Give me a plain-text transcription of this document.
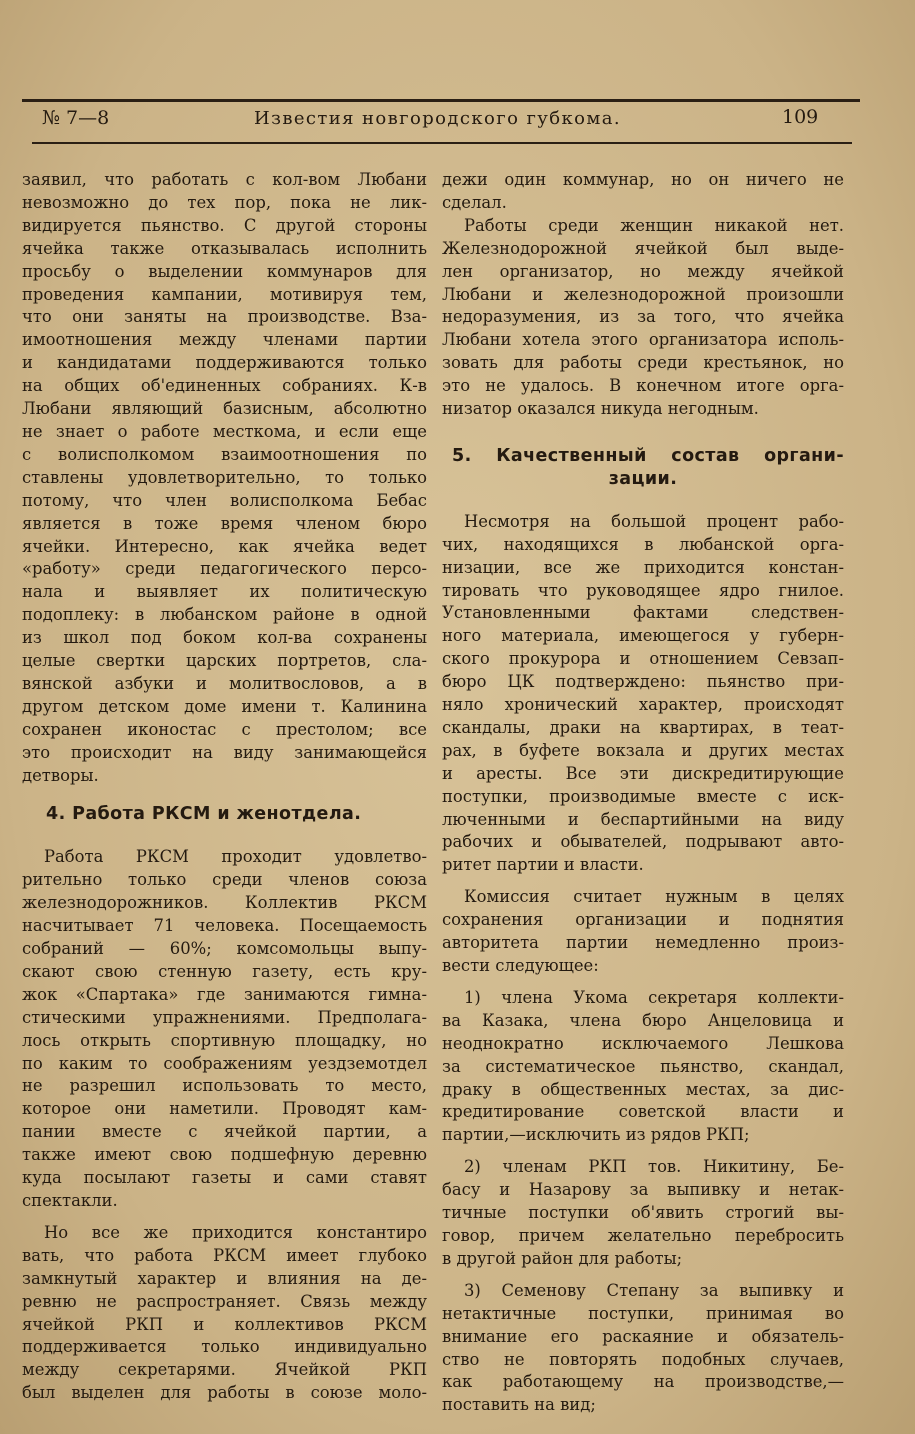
№ 7—8	Известия новгородского губкома.	109
заявил, что работать с кол-вом Любани
невозможно до тех пор, пока не лик-
видируется пьянство. С другой стороны
ячейка также отказывалась исполнить
просьбу о выделении коммунаров для
проведения кампании, мотивируя тем,
что они заняты на производстве. Вза-
имоотношения между членами партии
и кандидатами поддерживаются только
на общих об'единенных собраниях. К-в
Любани являющий базисным, абсолютно
не знает о работе месткома, и если еще
с волисполкомом взаимоотношения по
ставлены удовлетворительно, то только
потому, что член волисполкома Бебас
является в тоже время членом бюро
ячейки. Интересно, как ячейка ведет
«работу» среди педагогического персо-
нала и выявляет их политическую
подоплеку: в любанском районе в одной
из школ под боком кол-ва сохранены
целые свертки царских портретов, сла-
вянской азбуки и молитвословов, а в
другом детском доме имени т. Калинина
сохранен иконостас с престолом; все
это происходит на виду занимающейся
детворы.
4. Работа РКСМ и женотдела.
Работа РКСМ проходит удовлетво-
рительно только среди членов союза
железнодорожников. Коллектив РКСМ
насчитывает 71 человека. Посещаемость
собраний — 60%; комсомольцы выпу-
скают свою стенную газету, есть кру-
жок «Спартака» где занимаются гимна-
стическими упражнениями. Предполага-
лось открыть спортивную площадку, но
по каким то соображениям уездземотдел
не разрешил использовать то место,
которое они наметили. Проводят кам-
пании вместе с ячейкой партии, а
также имеют свою подшефную деревню
куда посылают газеты и сами ставят
спектакли.
Но все же приходится константиро
вать, что работа РКСМ имеет глубоко
замкнутый характер и влияния на де-
ревню не распространяет. Связь между
ячейкой РКП и коллективов РКСМ
поддерживается только индивидуально
между секретарями. Ячейкой РКП
был выделен для работы в союзе моло-
дежи один коммунар, но он ничего не
сделал.
Работы среди женщин никакой нет.
Железнодорожной ячейкой был выде-
лен организатор, но между ячейкой
Любани и железнодорожной произошли
недоразумения, из за того, что ячейка
Любани хотела этого организатора исполь-
зовать для работы среди крестьянок, но
это не удалось. В конечном итоге орга-
низатор оказался никуда негодным.
5. Качественный состав органи-
зации.
Несмотря на большой процент рабо-
чих, находящихся в любанской орга-
низации, все же приходится констан-
тировать что руководящее ядро гнилое.
Установленными фактами следствен-
ного материала, имеющегося у губерн-
ского прокурора и отношением Севзап-
бюро ЦК подтверждено: пьянство при-
няло хронический характер, происходят
скандалы, драки на квартирах, в теат-
рах, в буфете вокзала и других местах
и аресты. Все эти дискредитирующие
поступки, производимые вместе с иск-
люченными и беспартийными на виду
рабочих и обывателей, подрывают авто-
ритет партии и власти.
Комиссия считает нужным в целях
сохранения организации и поднятия
авторитета партии немедленно произ-
вести следующее:
1) члена Укома секретаря коллекти-
ва Казака, члена бюро Анцеловица и
неоднократно исключаемого Лешкова
за систематическое пьянство, скандал,
драку в общественных местах, за дис-
кредитирование советской власти и
партии,—исключить из рядов РКП;
2) членам РКП тов. Никитину, Бе-
басу и Назарову за выпивку и нетак-
тичные поступки об'явить строгий вы-
говор, причем желательно перебросить
в другой район для работы;
3) Семенову Степану за выпивку и
нетактичные поступки, принимая во
внимание его раскаяние и обязатель-
ство не повторять подобных случаев,
как работающему на производстве,—
поставить на вид;
